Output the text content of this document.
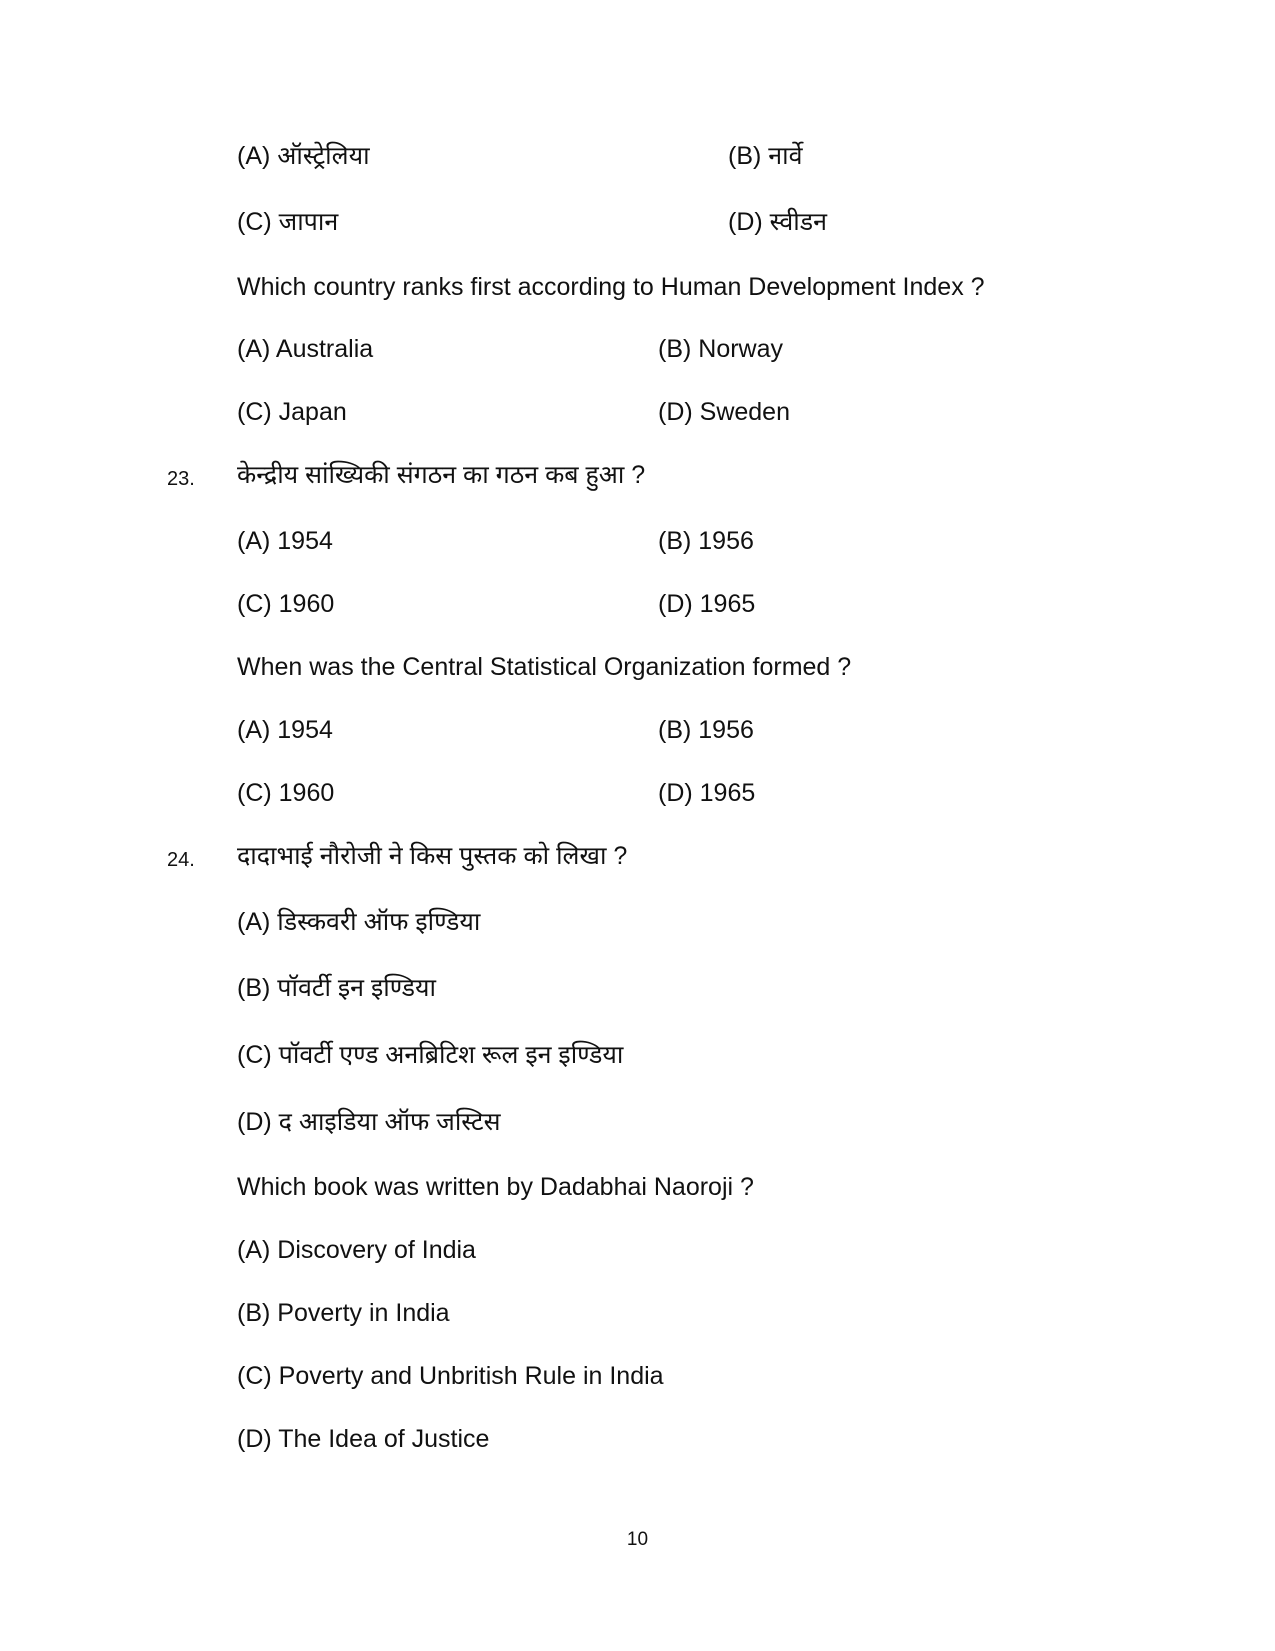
(A) ऑस्ट्रेलिया	(B) नार्वे
(C) जापान	(D) स्वीडन
Which country ranks first according to Human Development Index ?
(A) Australia	(B) Norway
(C) Japan	(D) Sweden
23. केन्द्रीय सांख्यिकी संगठन का गठन कब हुआ ?
(A) 1954	(B) 1956
(C) 1960	(D) 1965
When was the Central Statistical Organization formed ?
(A) 1954	(B) 1956
(C) 1960	(D) 1965
24. दादाभाई नौरोजी ने किस पुस्तक को लिखा ?
(A) डिस्कवरी ऑफ इण्डिया
(B) पॉवर्टी इन इण्डिया
(C) पॉवर्टी एण्ड अनब्रिटिश रूल इन इण्डिया
(D) द आइडिया ऑफ जस्टिस
Which book was written by Dadabhai Naoroji ?
(A) Discovery of India
(B) Poverty in India
(C) Poverty and Unbritish Rule in India
(D) The Idea of Justice
10
